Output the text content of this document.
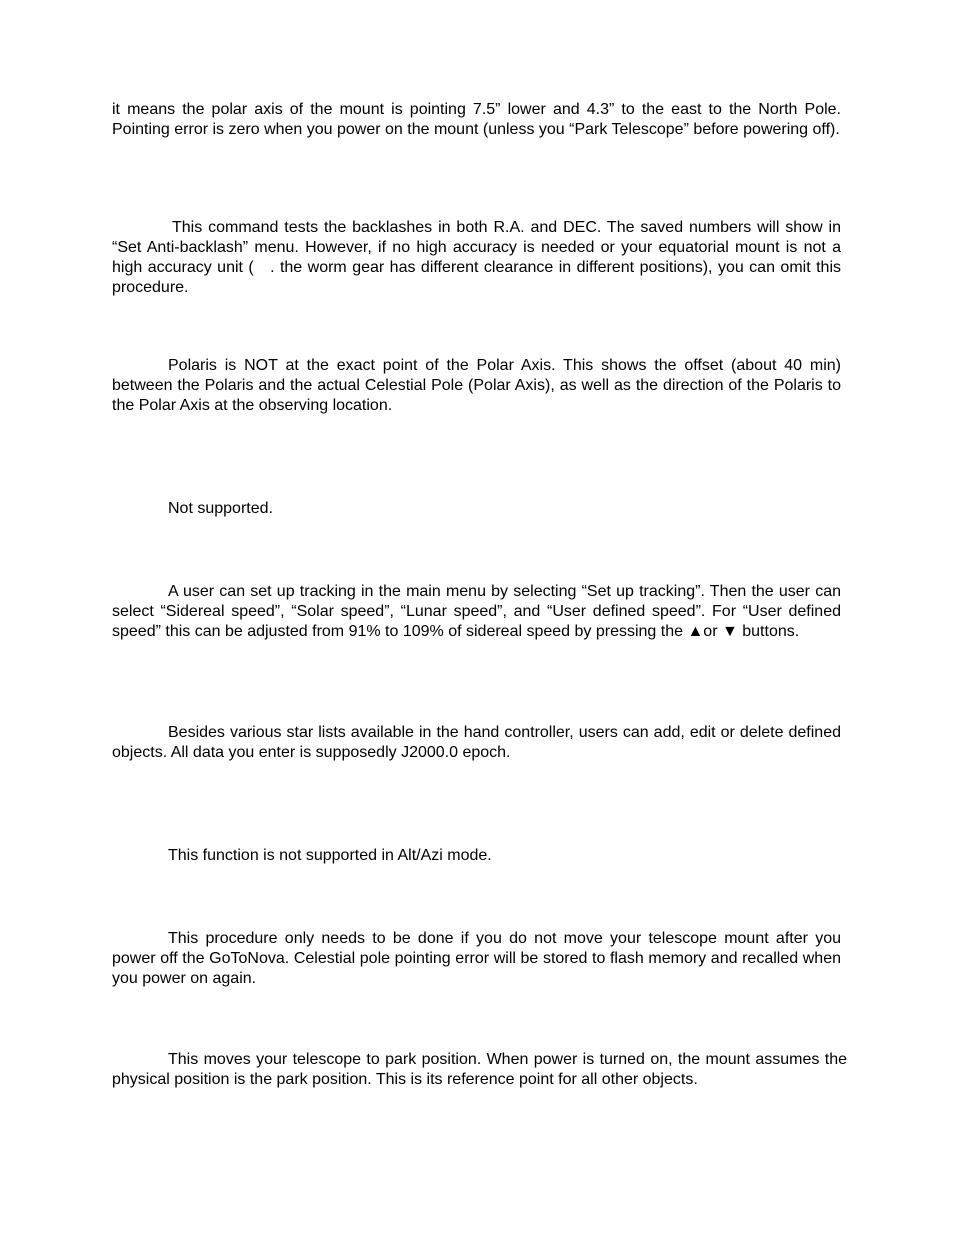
it means the polar axis of the mount is pointing 7.5” lower and 4.3” to the east to the North Pole. Pointing error is zero when you power on the mount (unless you “Park Telescope” before powering off).

This command tests the backlashes in both R.A. and DEC. The saved numbers will show in “Set Anti-backlash” menu. However, if no high accuracy is needed or your equatorial mount is not a high accuracy unit (   . the worm gear has different clearance in different positions), you can omit this procedure.

Polaris is NOT at the exact point of the Polar Axis. This shows the offset (about 40 min) between the Polaris and the actual Celestial Pole (Polar Axis), as well as the direction of the Polaris to the Polar Axis at the observing location.

Not supported.

A user can set up tracking in the main menu by selecting “Set up tracking”. Then the user can select “Sidereal speed”, “Solar speed”, “Lunar speed”, and “User defined speed”. For “User defined speed” this can be adjusted from 91% to 109% of sidereal speed by pressing the ▲or ▼ buttons.

Besides various star lists available in the hand controller, users can add, edit or delete defined objects. All data you enter is supposedly J2000.0 epoch.

This function is not supported in Alt/Azi mode.

This procedure only needs to be done if you do not move your telescope mount after you power off the GoToNova. Celestial pole pointing error will be stored to flash memory and recalled when you power on again.

This moves your telescope to park position. When power is turned on, the mount assumes the physical position is the park position. This is its reference point for all other objects.
